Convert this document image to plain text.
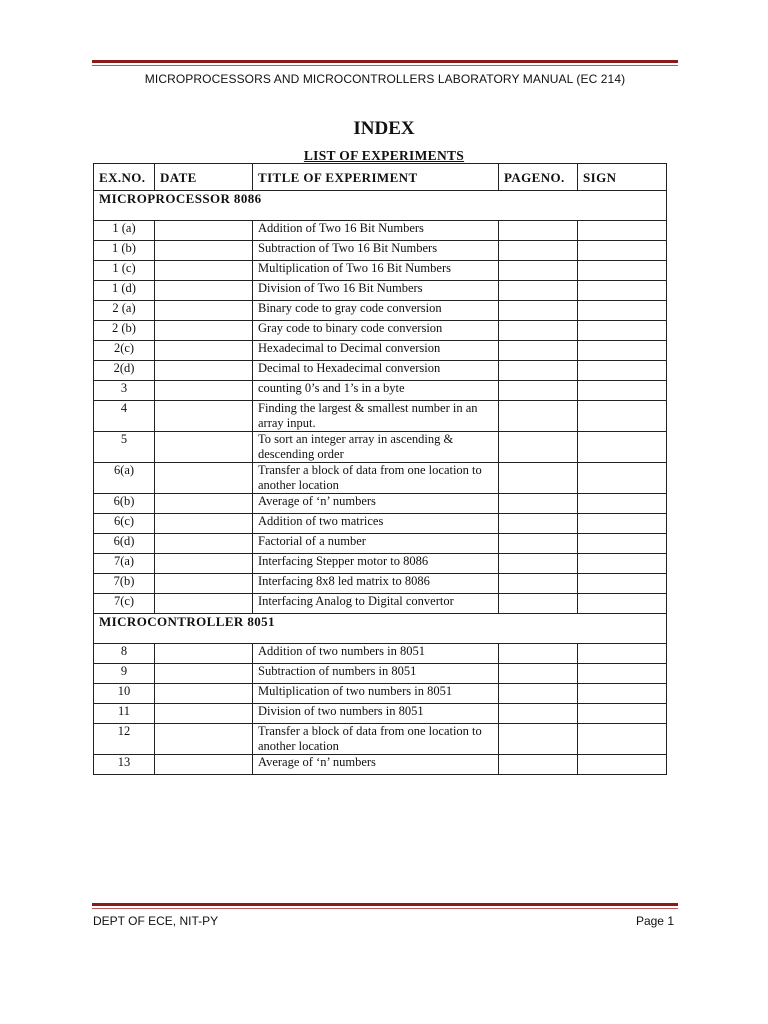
MICROPROCESSORS AND MICROCONTROLLERS LABORATORY MANUAL (EC 214)
INDEX
LIST OF EXPERIMENTS
EX.NO.	DATE	TITLE OF EXPERIMENT	PAGENO.	SIGN
MICROPROCESSOR 8086				
1 (a)		Addition of Two 16 Bit Numbers		
1 (b)		Subtraction of Two 16 Bit Numbers		
1 (c)		Multiplication of Two 16 Bit Numbers		
1 (d)		Division of Two 16 Bit Numbers		
2 (a)		Binary code to gray code conversion		
2 (b)		Gray code to binary code conversion		
2(c)		Hexadecimal to Decimal conversion		
2(d)		Decimal to Hexadecimal conversion		
3		counting 0’s and 1’s in a byte		
4		Finding the largest & smallest number in an array input.		
5		To sort an integer array in ascending & descending order		
6(a)		Transfer a block of data from one location to another location		
6(b)		Average of ‘n’ numbers		
6(c)		Addition of two matrices		
6(d)		Factorial of a number		
7(a)		Interfacing Stepper motor to 8086		
7(b)		Interfacing 8x8 led matrix to 8086		
7(c)		Interfacing Analog to Digital convertor		
MICROCONTROLLER 8051				
8		Addition of two numbers in 8051		
9		Subtraction of numbers in 8051		
10		Multiplication of two numbers in 8051		
11		Division of two numbers in 8051		
12		Transfer a block of data from one location to another location		
13		Average of ‘n’ numbers		
DEPT OF ECE, NIT-PY	Page 1
